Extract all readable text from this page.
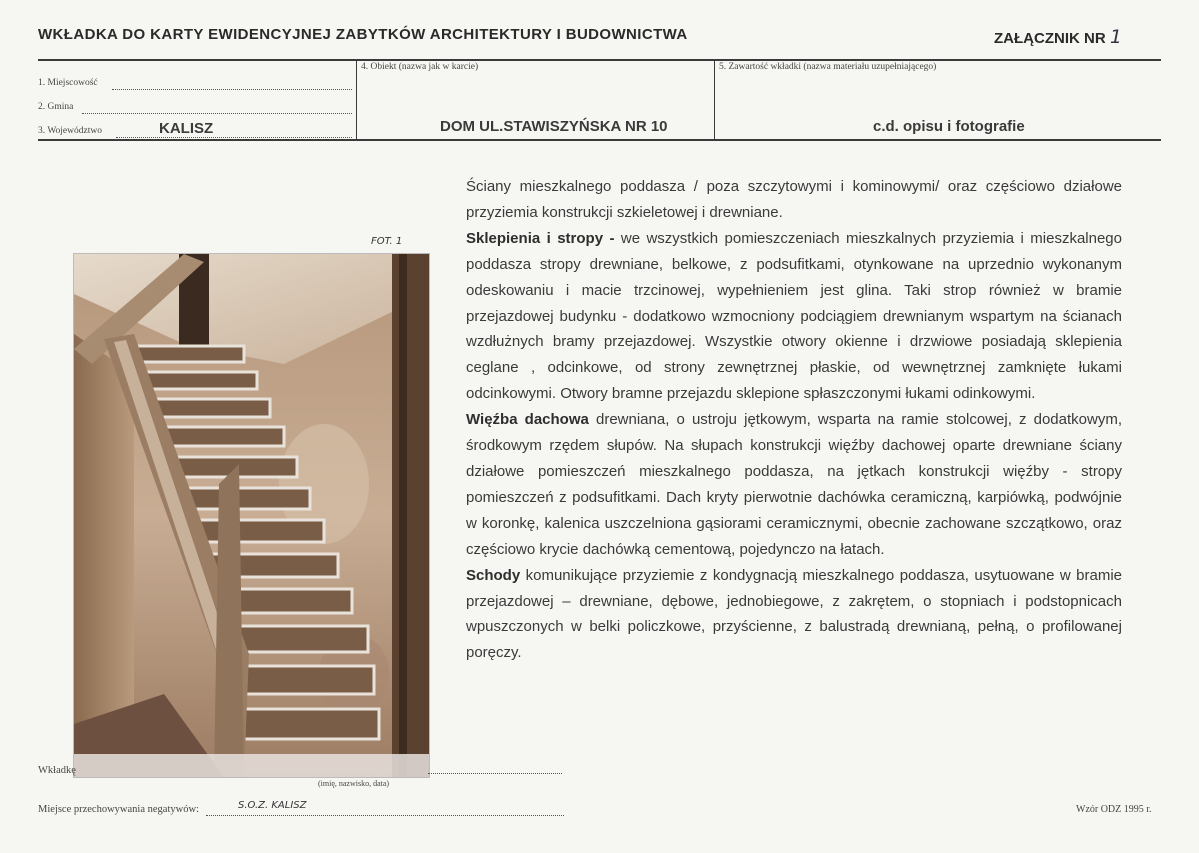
WKŁADKA DO KARTY EWIDENCYJNEJ ZABYTKÓW ARCHITEKTURY I BUDOWNICTWA	ZAŁĄCZNIK NR 1
1. Miejscowość
2. Gmina
3. Województwo	KALISZ
4. Obiekt (nazwa jak w karcie)
DOM UL.STAWISZYŃSKA NR 10
5. Zawartość wkładki (nazwa materiału uzupełniającego)
c.d. opisu i fotografie
FOT. 1

Ściany mieszkalnego poddasza / poza szczytowymi i kominowymi/ oraz częściowo działowe przyziemia konstrukcji szkieletowej i drewniane.

Sklepienia i stropy - we wszystkich pomieszczeniach mieszkalnych przyziemia i mieszkalnego poddasza stropy drewniane, belkowe, z podsufitkami, otynkowane na uprzednio wykonanym odeskowaniu i macie trzcinowej, wypełnieniem jest glina. Taki strop również w bramie przejazdowej budynku - dodatkowo wzmocniony podciągiem drewnianym wspartym na ścianach wzdłużnych bramy przejazdowej. Wszystkie otwory okienne i drzwiowe posiadają sklepienia ceglane , odcinkowe, od strony zewnętrznej płaskie, od wewnętrznej zamknięte łukami odcinkowymi. Otwory bramne przejazdu sklepione spłaszczonymi łukami odinkowymi.

Więźba dachowa drewniana, o ustroju jętkowym, wsparta na ramie stolcowej, z dodatkowym, środkowym rzędem słupów. Na słupach konstrukcji więźby dachowej oparte drewniane ściany działowe pomieszczeń mieszkalnego poddasza, na jętkach konstrukcji więźby - stropy pomieszczeń z podsufitkami. Dach kryty pierwotnie dachówka ceramiczną, karpiówką, podwójnie w koronkę, kalenica uszczelniona gąsiorami ceramicznymi, obecnie zachowane szczątkowo, oraz częściowo krycie dachówką cementową, pojedynczo na łatach.

Schody komunikujące przyziemie z kondygnacją mieszkalnego poddasza, usytuowane w bramie przejazdowej – drewniane, dębowe, jednobiegowe, z zakrętem, o stopniach i podstopnicach wpuszczonych w belki policzkowe, przyścienne, z balustradą drewnianą, pełną, o profilowanej poręczy.

Wkładkę
(imię, nazwisko, data)
Miejsce przechowywania negatywów:	S.O.Z. KALISZ	Wzór ODZ 1995 r.
